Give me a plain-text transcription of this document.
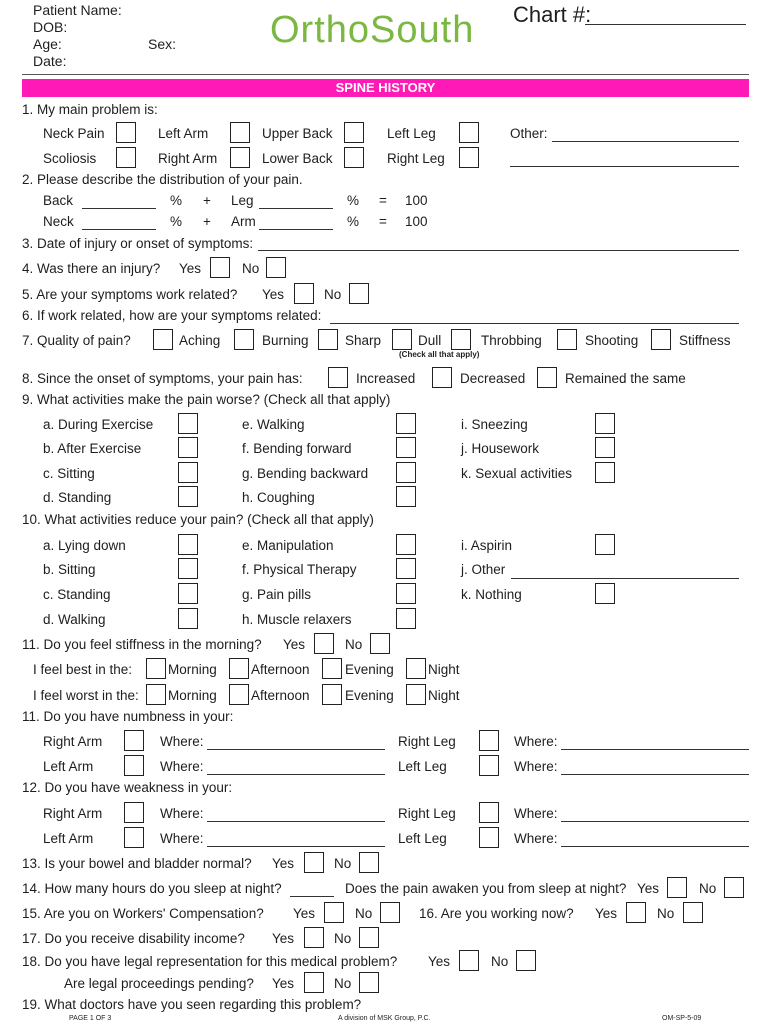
Patient Name:
DOB:
Age:	Sex:
Date:
OrthoSouth Chart #:
SPINE HISTORY
1. My main problem is:
Neck Pain	Left Arm	Upper Back	Left Leg	Other:
Scoliosis	Right Arm	Lower Back	Right Leg
2. Please describe the distribution of your pain.
Back	% + Leg	% = 100
Neck	% + Arm	% = 100
3. Date of injury or onset of symptoms:
4. Was there an injury? Yes	No
5. Are your symptoms work related? Yes	No
6. If work related, how are your symptoms related:
7. Quality of pain?	Aching	Burning	Sharp	Dull	Throbbing	Shooting	Stiffness
(Check all that apply)
8. Since the onset of symptoms, your pain has:	Increased	Decreased	Remained the same
9. What activities make the pain worse? (Check all that apply)
a. During Exercise	e. Walking	i. Sneezing
b. After Exercise	f. Bending forward	j. Housework
c. Sitting	g. Bending backward	k. Sexual activities
d. Standing	h. Coughing
10. What activities reduce your pain? (Check all that apply)
a. Lying down	e. Manipulation	i. Aspirin
b. Sitting	f. Physical Therapy	j. Other
c. Standing	g. Pain pills	k. Nothing
d. Walking	h. Muscle relaxers
11. Do you feel stiffness in the morning? Yes	No
I feel best in the:	Morning	Afternoon	Evening	Night
I feel worst in the: Morning	Afternoon	Evening	Night
11. Do you have numbness in your:
Right Arm	Where:	Right Leg	Where:
Left Arm	Where:	Left Leg	Where:
12. Do you have weakness in your:
Right Arm	Where:	Right Leg	Where:
Left Arm	Where:	Left Leg	Where:
13. Is your bowel and bladder normal? Yes	No
14. How many hours do you sleep at night?	Does the pain awaken you from sleep at night? Yes	No
15. Are you on Workers' Compensation? Yes	No	16. Are you working now? Yes	No
17. Do you receive disability income? Yes	No
18. Do you have legal representation for this medical problem? Yes	No
Are legal proceedings pending? Yes	No
19. What doctors have you seen regarding this problem?
PAGE 1 OF 3	A division of MSK Group, P.C.	OM-SP-5-09
